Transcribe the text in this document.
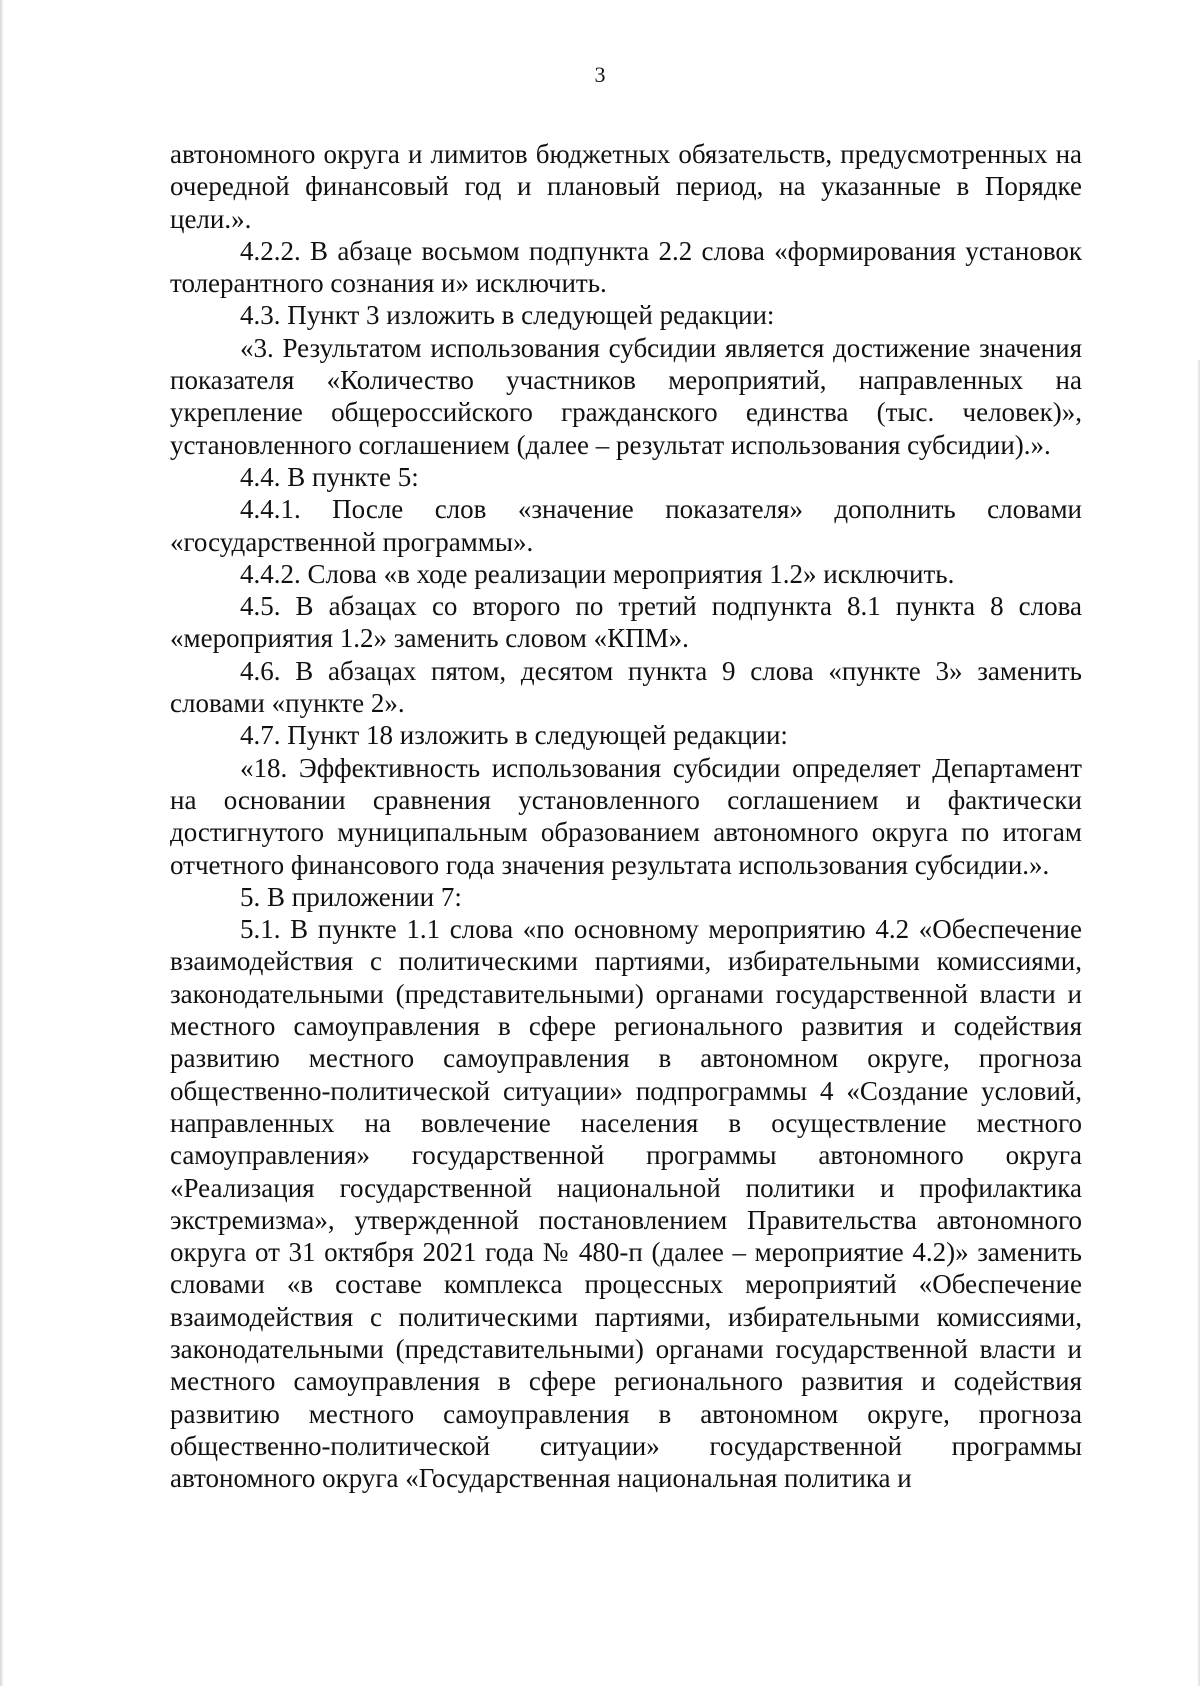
3

автономного округа и лимитов бюджетных обязательств, предусмотренных на очередной финансовый год и плановый период, на указанные в Порядке цели.».

4.2.2. В абзаце восьмом подпункта 2.2 слова «формирования установок толерантного сознания и» исключить.

4.3. Пункт 3 изложить в следующей редакции:

«3. Результатом использования субсидии является достижение значения показателя «Количество участников мероприятий, направленных на укрепление общероссийского гражданского единства (тыс. человек)», установленного соглашением (далее – результат использования субсидии).».

4.4. В пункте 5:

4.4.1. После слов «значение показателя» дополнить словами «государственной программы».

4.4.2. Слова «в ходе реализации мероприятия 1.2» исключить.

4.5. В абзацах со второго по третий подпункта 8.1 пункта 8 слова «мероприятия 1.2» заменить словом «КПМ».

4.6. В абзацах пятом, десятом пункта 9 слова «пункте 3» заменить словами «пункте 2».

4.7. Пункт 18 изложить в следующей редакции:

«18. Эффективность использования субсидии определяет Департамент на основании сравнения установленного соглашением и фактически достигнутого муниципальным образованием автономного округа по итогам отчетного финансового года значения результата использования субсидии.».

5. В приложении 7:

5.1. В пункте 1.1 слова «по основному мероприятию 4.2 «Обеспечение взаимодействия с политическими партиями, избирательными комиссиями, законодательными (представительными) органами государственной власти и местного самоуправления в сфере регионального развития и содействия развитию местного самоуправления в автономном округе, прогноза общественно-политической ситуации» подпрограммы 4 «Создание условий, направленных на вовлечение населения в осуществление местного самоуправления» государственной программы автономного округа «Реализация государственной национальной политики и профилактика экстремизма», утвержденной постановлением Правительства автономного округа от 31 октября 2021 года № 480-п (далее – мероприятие 4.2)» заменить словами «в составе комплекса процессных мероприятий «Обеспечение взаимодействия с политическими партиями, избирательными комиссиями, законодательными (представительными) органами государственной власти и местного самоуправления в сфере регионального развития и содействия развитию местного самоуправления в автономном округе, прогноза общественно-политической ситуации» государственной программы автономного округа «Государственная национальная политика и
